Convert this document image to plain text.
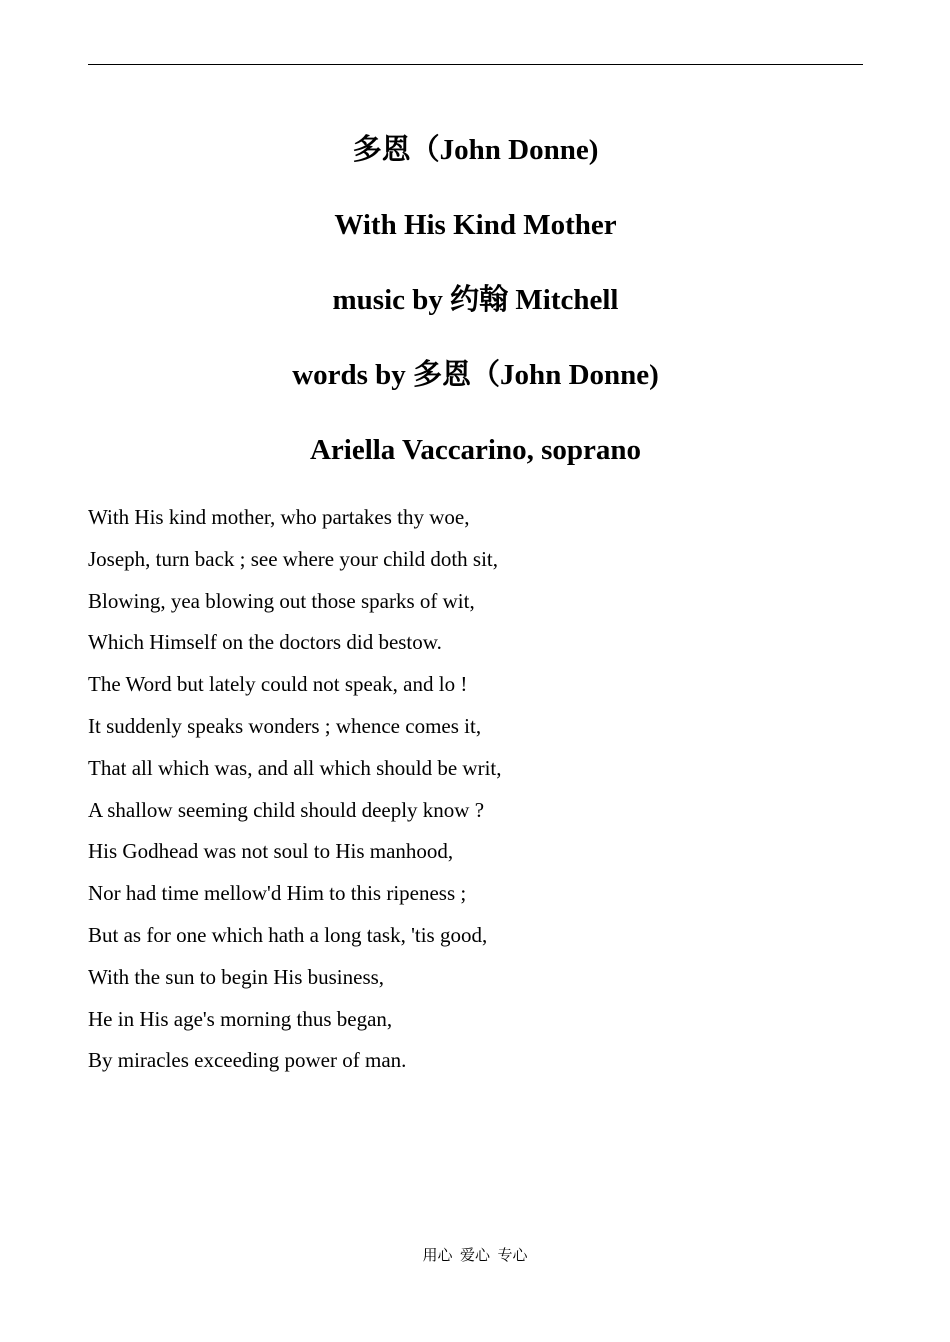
多恩（John Donne)
With His Kind Mother
music by 约翰 Mitchell
words by 多恩（John Donne)
Ariella Vaccarino, soprano
With His kind mother, who partakes thy woe,
Joseph, turn back ; see where your child doth sit,
Blowing, yea blowing out those sparks of wit,
Which Himself on the doctors did bestow.
The Word but lately could not speak, and lo !
It suddenly speaks wonders ; whence comes it,
That all which was, and all which should be writ,
A shallow seeming child should deeply know ?
His Godhead was not soul to His manhood,
Nor had time mellow'd Him to this ripeness ;
But as for one which hath a long task, 'tis good,
With the sun to begin His business,
He in His age's morning thus began,
By miracles exceeding power of man.
用心  爱心  专心
